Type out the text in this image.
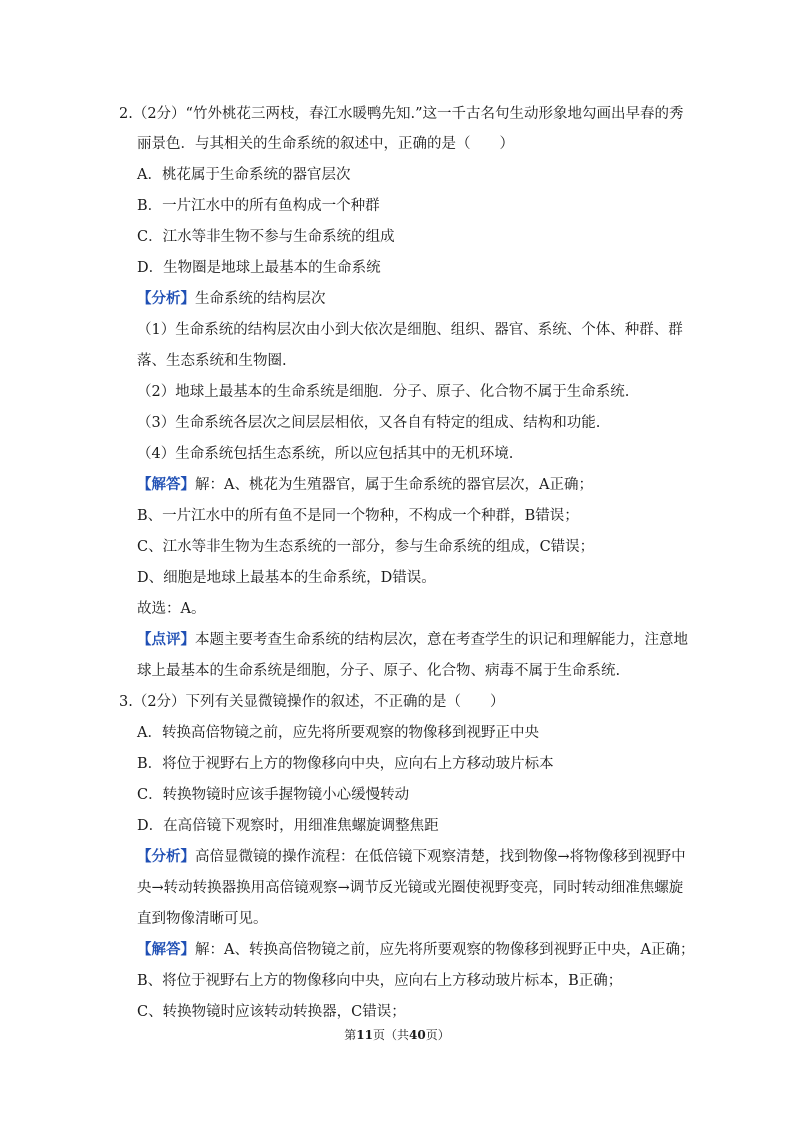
2.（2分）“竹外桃花三两枝，春江水暖鸭先知.”这一千古名句生动形象地勾画出早春的秀
丽景色．与其相关的生命系统的叙述中，正确的是（　　）
A．桃花属于生命系统的器官层次
B．一片江水中的所有鱼构成一个种群
C．江水等非生物不参与生命系统的组成
D．生物圈是地球上最基本的生命系统
【分析】生命系统的结构层次
（1）生命系统的结构层次由小到大依次是细胞、组织、器官、系统、个体、种群、群
落、生态系统和生物圈.
（2）地球上最基本的生命系统是细胞．分子、原子、化合物不属于生命系统.
（3）生命系统各层次之间层层相依，又各自有特定的组成、结构和功能.
（4）生命系统包括生态系统，所以应包括其中的无机环境.
【解答】解：A、桃花为生殖器官，属于生命系统的器官层次，A正确；
B、一片江水中的所有鱼不是同一个物种，不构成一个种群，B错误；
C、江水等非生物为生态系统的一部分，参与生命系统的组成，C错误；
D、细胞是地球上最基本的生命系统，D错误。
故选：A。
【点评】本题主要考查生命系统的结构层次，意在考查学生的识记和理解能力，注意地
球上最基本的生命系统是细胞，分子、原子、化合物、病毒不属于生命系统.
3.（2分）下列有关显微镜操作的叙述，不正确的是（　　）
A．转换高倍物镜之前，应先将所要观察的物像移到视野正中央
B．将位于视野右上方的物像移向中央，应向右上方移动玻片标本
C．转换物镜时应该手握物镜小心缓慢转动
D．在高倍镜下观察时，用细准焦螺旋调整焦距
【分析】高倍显微镜的操作流程：在低倍镜下观察清楚，找到物像→将物像移到视野中
央→转动转换器换用高倍镜观察→调节反光镜或光圈使视野变亮，同时转动细准焦螺旋
直到物像清晰可见。
【解答】解：A、转换高倍物镜之前，应先将所要观察的物像移到视野正中央，A正确；
B、将位于视野右上方的物像移向中央，应向右上方移动玻片标本，B正确；
C、转换物镜时应该转动转换器，C错误；
第11页（共40页）
